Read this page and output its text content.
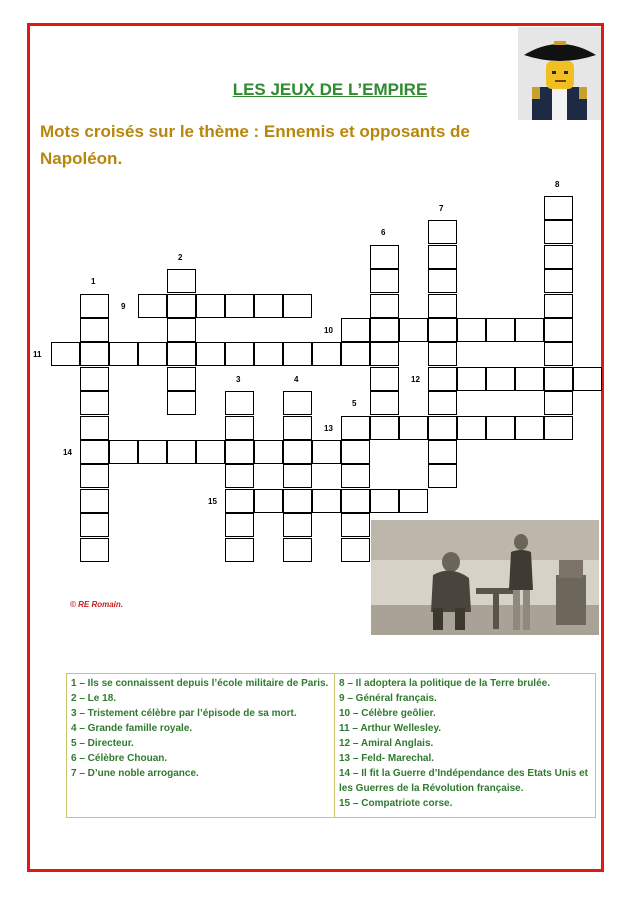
LES JEUX DE L’EMPIRE
Mots croisés sur le thème : Ennemis et opposants de Napoléon.
1
2
3	4
5
6
7
8
9
10
11
12
13
14
15
© RE Romain.
1 – Ils se connaissent depuis l’école militaire de Paris.
2 – Le 18.
3 – Tristement célèbre par l’épisode de sa mort.
4 – Grande famille royale.
5 – Directeur.
6 – Célèbre Chouan.
7 – D’une noble arrogance.
8 – Il adoptera la politique de la Terre brulée.
9 – Général français.
10 – Célèbre geôlier.
11 – Arthur Wellesley.
12 – Amiral Anglais.
13 – Feld- Marechal.
14 – Il fit la Guerre d’Indépendance des Etats Unis et les Guerres de la Révolution française.
15 – Compatriote corse.
